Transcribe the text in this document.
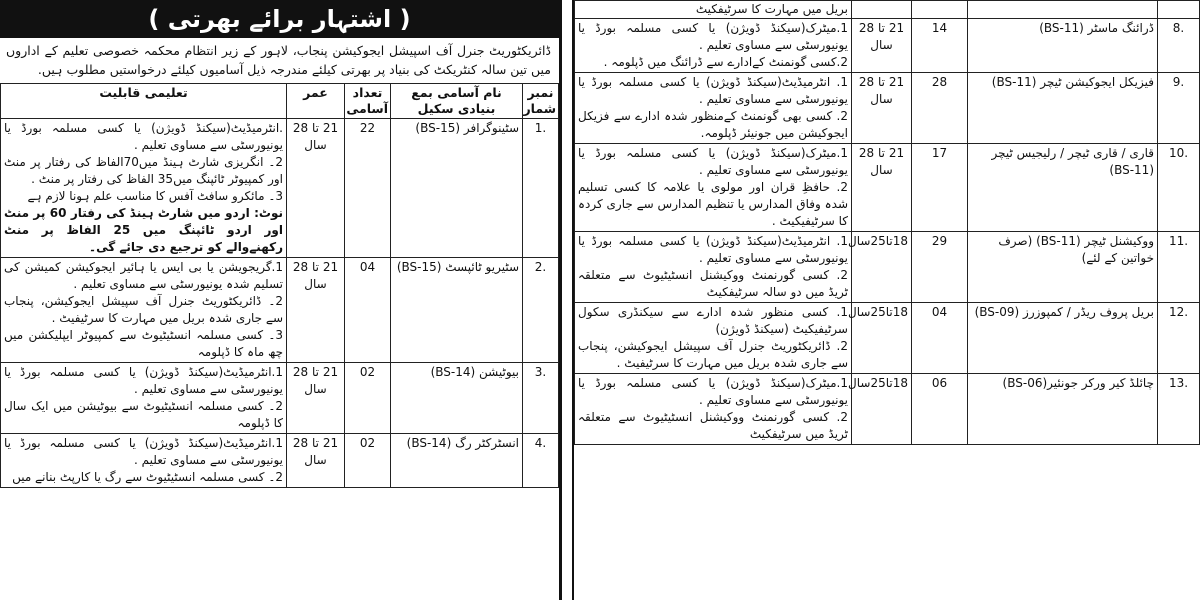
( اشتہار برائے بھرتی )
ڈائریکٹوریٹ جنرل آف اسپیشل ایجوکیشن پنجاب، لاہور کے زیر انتظام محکمہ خصوصی تعلیم کے اداروں میں تین سالہ کنٹریکٹ کی بنیاد پر بھرتی کیلئے مندرجہ ذیل آسامیوں کیلئے درخواستیں مطلوب ہیں.
نمبر شمار	نام آسامی بمع بنیادی سکیل	تعداد آسامی	عمر	تعلیمی قابلیت
.1	سٹینوگرافر (BS-15)	22	21 تا 28 سال	.انٹرمیڈیٹ(سیکنڈ ڈویژن) یا کسی مسلمہ بورڈ یا یونیورسٹی سے مساوی تعلیم .
2۔ انگریزی شارٹ ہینڈ میں70الفاظ کی رفتار پر منٹ اور کمپیوٹر ٹائپنگ میں35 الفاظ کی رفتار پر منٹ .
3۔ مائکرو سافٹ آفس کا مناسب علم ہونا لازم ہے
نوٹ: اردو میں شارٹ ہینڈ کی رفتار 60 پر منٹ اور اردو ٹائپنگ میں 25 الفاظ پر منٹ رکھنےوالے کو ترجیع دی جائے گی۔

.2	سٹیریو ٹائپسٹ (BS-15)	04	21 تا 28 سال	1.گریجویشن یا بی ایس یا ہائیر ایجوکیشن کمیشن کی تسلیم شدہ یونیورسٹی سے مساوی تعلیم .
2۔ ڈائریکٹوریٹ جنرل آف سپیشل ایجوکیشن، پنجاب سے جاری شدہ بریل میں مہارت کا سرٹیفیٹ .
3۔ کسی مسلمہ انسٹیٹیوٹ سے کمپیوٹر ایپلیکشن میں چھ ماہ کا ڈپلومہ

.3	بیوٹیشن (BS-14)	02	21 تا 28 سال	1.انٹرمیڈیٹ(سیکنڈ ڈویژن) یا کسی مسلمہ بورڈ یا یونیورسٹی سے مساوی تعلیم .
2۔ کسی مسلمہ انسٹیٹیوٹ سے بیوٹیشن میں ایک سال کا ڈپلومہ

.4	انسٹرکٹر رگ (BS-14)	02	21 تا 28 سال	1.انٹرمیڈیٹ(سیکنڈ ڈویژن) یا کسی مسلمہ بورڈ یا یونیورسٹی سے مساوی تعلیم .
2۔ کسی مسلمہ انسٹیٹیوٹ سے رگ یا کارپٹ بنانے میں
				بریل میں مہارت کا سرٹیفکیٹ
.8	ڈرائنگ ماسٹر (BS-11)	14	21 تا 28 سال	1.میٹرک(سیکنڈ ڈویژن) یا کسی مسلمہ بورڈ یا یونیورسٹی سے مساوی تعلیم .
2.کسی گونمنٹ کےادارے سے ڈرائنگ میں ڈپلومہ .

.9	فیزیکل ایجوکیشن ٹیچر (BS-11)	28	21 تا 28 سال	1. انٹرمیڈیٹ(سیکنڈ ڈویژن) یا کسی مسلمہ بورڈ یا یونیورسٹی سے مساوی تعلیم .
2. کسی بھی گونمنٹ کےمنظور شدہ ادارے سے فزیکل ایجوکیشن میں جونیئر ڈپلومہ.

.10	قاری / قاری ٹیچر / رلیجیس ٹیچر (BS-11)	17	21 تا 28 سال	1.میٹرک(سیکنڈ ڈویژن) یا کسی مسلمہ بورڈ یا یونیورسٹی سے مساوی تعلیم .
2. حافظِ قران اور مولوی یا علامہ کا کسی تسلیم شدہ وفاق المدارس یا تنظیم المدارس سے جاری کردہ کا سرٹیفیکیٹ .

.11	ووکیشنل ٹیچر (BS-11) (صرف خواتین کے لئے)	29	18تا25سال	1. انٹرمیڈیٹ(سیکنڈ ڈویژن) یا کسی مسلمہ بورڈ یا یونیورسٹی سے مساوی تعلیم .
2. کسی گورنمنٹ ووکیشنل انسٹیٹیوٹ سے متعلقہ ٹریڈ میں دو سالہ سرٹیفکیٹ

.12	بریل پروف ریڈر / کمپوزرز (BS-09)	04	18تا25سال	1. کسی منظور شدہ ادارے سے سیکنڈری سکول سرٹیفیکیٹ (سیکنڈ ڈویژن)
2. ڈائریکٹوریٹ جنرل آف سپیشل ایجوکیشن، پنجاب سے جاری شدہ بریل میں مہارت کا سرٹیفیٹ .

.13	چائلڈ کیر ورکر جونئیر(BS-06)	06	18تا25سال	1.میٹرک(سیکنڈ ڈویژن) یا کسی مسلمہ بورڈ یا یونیورسٹی سے مساوی تعلیم .
2. کسی گورنمنٹ ووکیشنل انسٹیٹیوٹ سے متعلقہ ٹریڈ میں سرٹیفکیٹ
